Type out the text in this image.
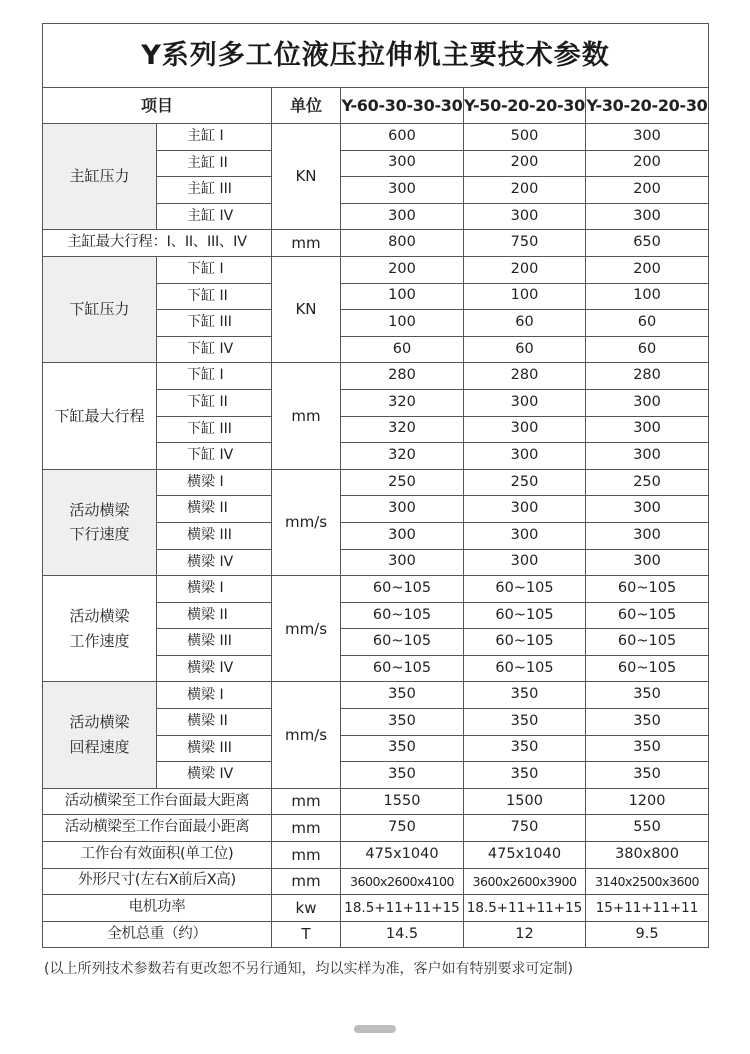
Y系列多工位液压拉伸机主要技术参数					
项目		单位	Y-60-30-30-30	Y-50-20-20-30	Y-30-20-20-30
主缸压力	主缸 I	KN	600	500	300
	主缸 II		300	200	200
	主缸 III		300	200	200
	主缸 IV		300	300	300
主缸最大行程：I、II、III、IV		mm	800	750	650
下缸压力	下缸 I	KN	200	200	200
	下缸 II		100	100	100
	下缸 III		100	60	60
	下缸 IV		60	60	60
下缸最大行程	下缸 I	mm	280	280	280
	下缸 II		320	300	300
	下缸 III		320	300	300
	下缸 IV		320	300	300

活动横梁
下行速度	横梁 I	mm/s	250	250	250
	横梁 II		300	300	300
	横梁 III		300	300	300
	横梁 IV		300	300	300

活动横梁
工作速度	横梁 I	mm/s	60~105	60~105	60~105
	横梁 II		60~105	60~105	60~105
	横梁 III		60~105	60~105	60~105
	横梁 IV		60~105	60~105	60~105

活动横梁
回程速度	横梁 I	mm/s	350	350	350
	横梁 II		350	350	350
	横梁 III		350	350	350
	横梁 IV		350	350	350
活动横梁至工作台面最大距离		mm	1550	1500	1200
活动横梁至工作台面最小距离		mm	750	750	550
工作台有效面积(单工位)		mm	475x1040	475x1040	380x800
外形尺寸(左右X前后X高)		mm	3600x2600x4100	3600x2600x3900	3140x2500x3600
电机功率		kw	18.5+11+11+15	18.5+11+11+15	15+11+11+11
全机总重（约）		T	14.5	12	9.5
(以上所列技术参数若有更改恕不另行通知，均以实样为准，客户如有特别要求可定制)
